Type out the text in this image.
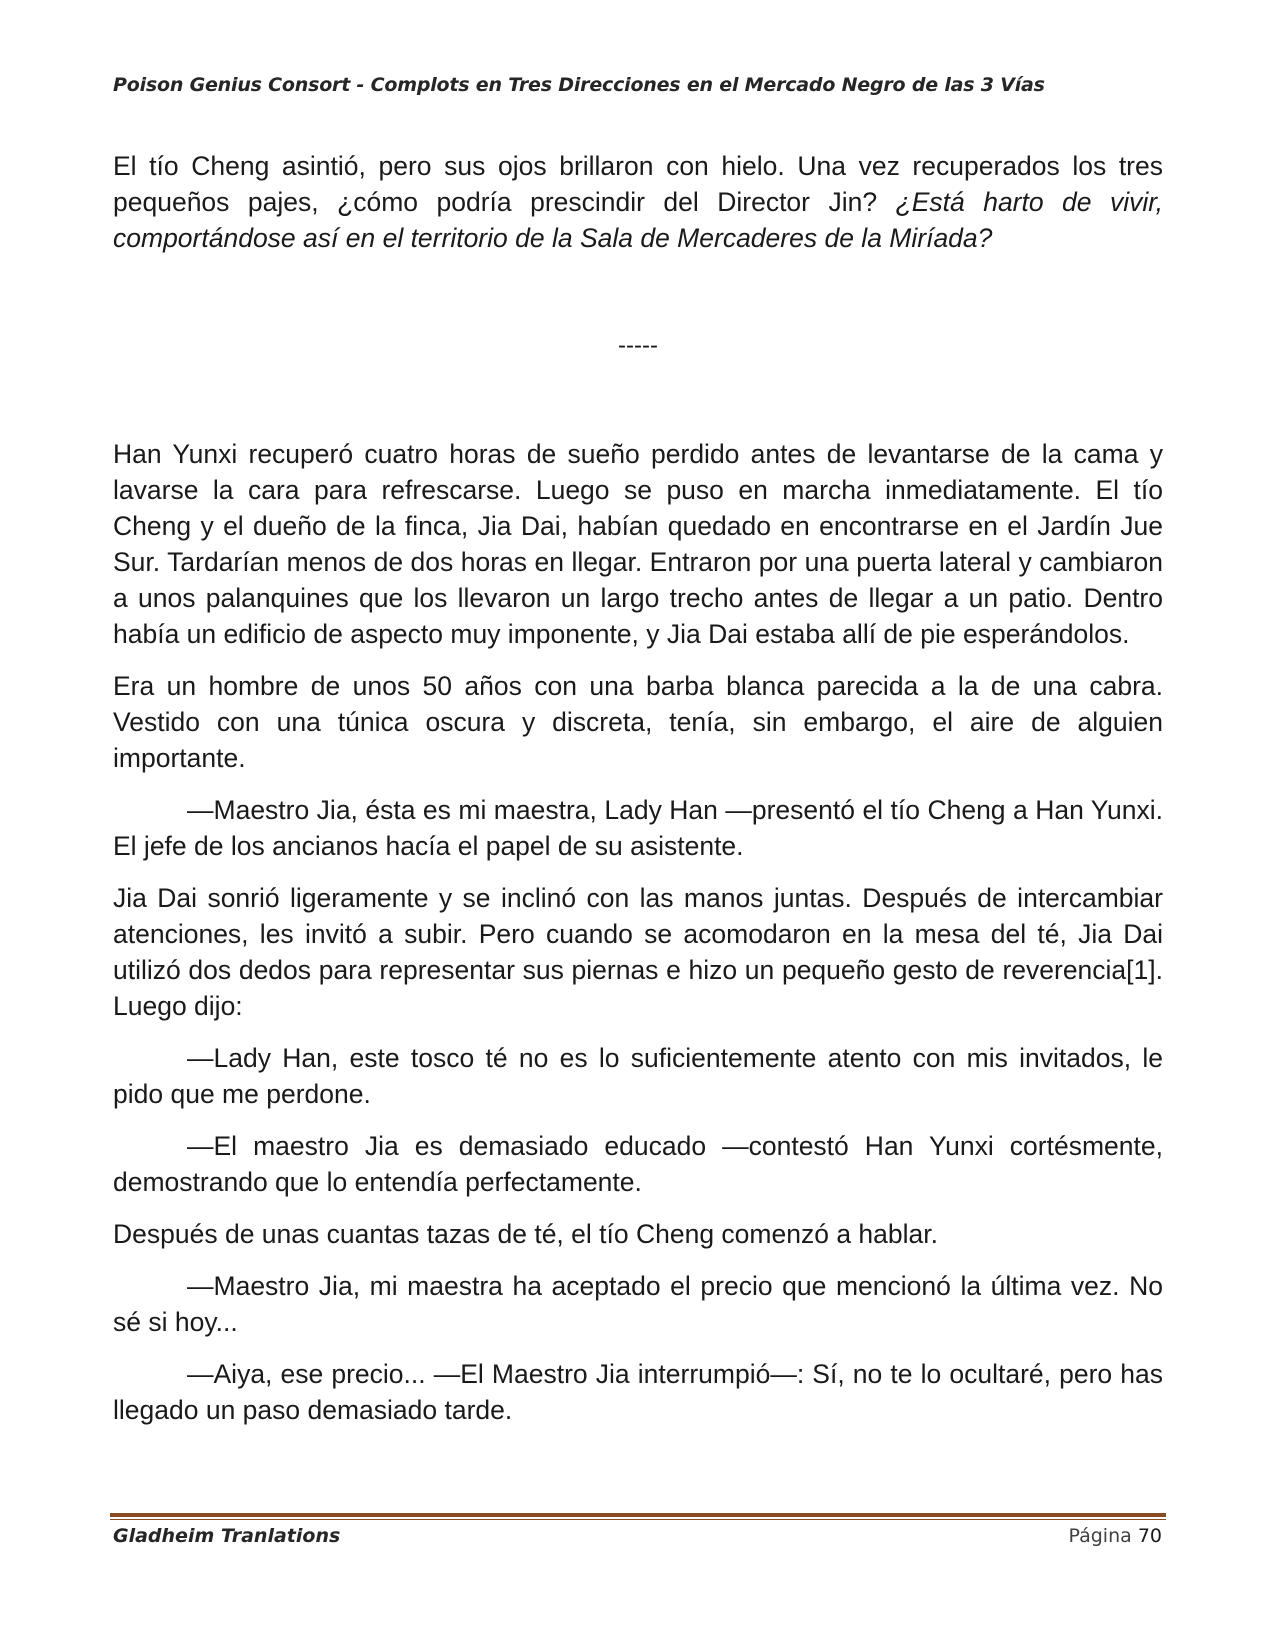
Poison Genius Consort - Complots en Tres Direcciones en el Mercado Negro de las 3 Vías

El tío Cheng asintió, pero sus ojos brillaron con hielo. Una vez recuperados los tres pequeños pajes, ¿cómo podría prescindir del Director Jin? ¿Está harto de vivir, comportándose así en el territorio de la Sala de Mercaderes de la Miríada?

-----

Han Yunxi recuperó cuatro horas de sueño perdido antes de levantarse de la cama y lavarse la cara para refrescarse. Luego se puso en marcha inmediatamente. El tío Cheng y el dueño de la finca, Jia Dai, habían quedado en encontrarse en el Jardín Jue Sur. Tardarían menos de dos horas en llegar. Entraron por una puerta lateral y cambiaron a unos palanquines que los llevaron un largo trecho antes de llegar a un patio. Dentro había un edificio de aspecto muy imponente, y Jia Dai estaba allí de pie esperándolos.

Era un hombre de unos 50 años con una barba blanca parecida a la de una cabra. Vestido con una túnica oscura y discreta, tenía, sin embargo, el aire de alguien importante.

—Maestro Jia, ésta es mi maestra, Lady Han —presentó el tío Cheng a Han Yunxi. El jefe de los ancianos hacía el papel de su asistente.

Jia Dai sonrió ligeramente y se inclinó con las manos juntas. Después de intercambiar atenciones, les invitó a subir. Pero cuando se acomodaron en la mesa del té, Jia Dai utilizó dos dedos para representar sus piernas e hizo un pequeño gesto de reverencia[1]. Luego dijo:

—Lady Han, este tosco té no es lo suficientemente atento con mis invitados, le pido que me perdone.

—El maestro Jia es demasiado educado —contestó Han Yunxi cortésmente, demostrando que lo entendía perfectamente.

Después de unas cuantas tazas de té, el tío Cheng comenzó a hablar.

—Maestro Jia, mi maestra ha aceptado el precio que mencionó la última vez. No sé si hoy...

—Aiya, ese precio... —El Maestro Jia interrumpió—: Sí, no te lo ocultaré, pero has llegado un paso demasiado tarde.

Gladheim Tranlations	Página 70
